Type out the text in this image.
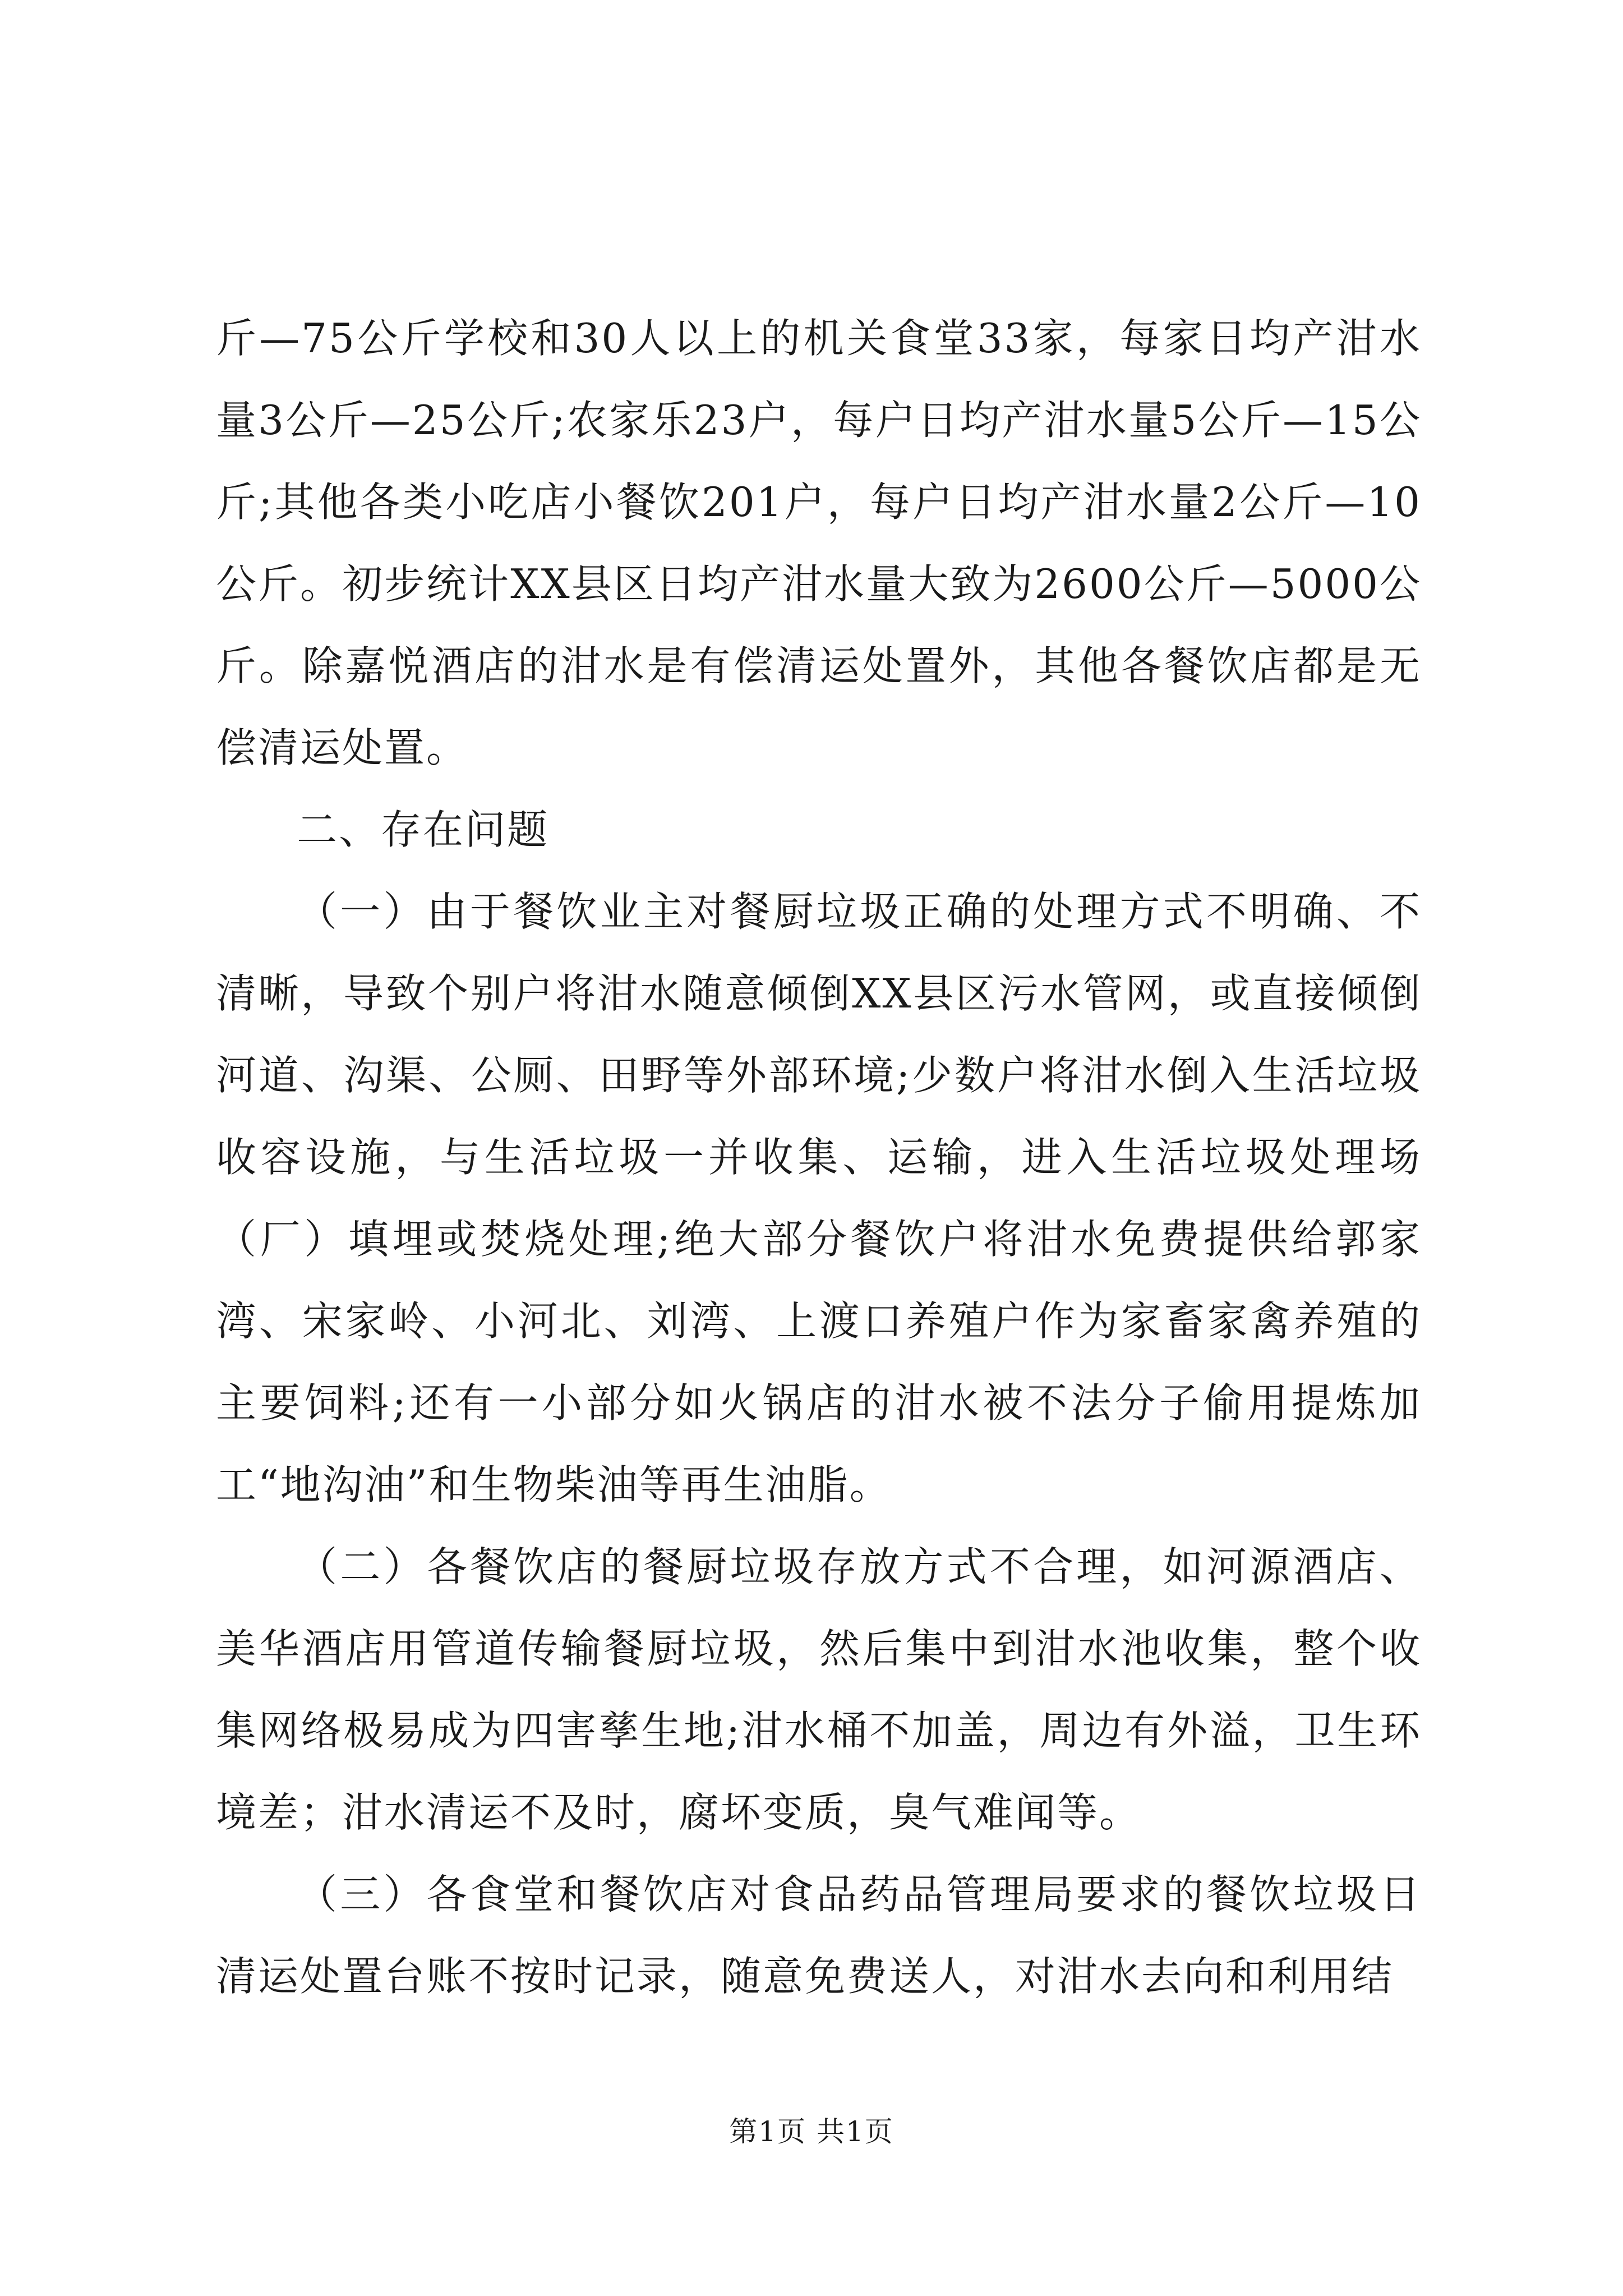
斤—75公斤学校和30人以上的机关食堂33家，每家日均产泔水量3公斤—25公斤;农家乐23户，每户日均产泔水量5公斤—15公斤;其他各类小吃店小餐饮201户，每户日均产泔水量2公斤—10公斤。初步统计XX县区日均产泔水量大致为2600公斤—5000公斤。除嘉悦酒店的泔水是有偿清运处置外，其他各餐饮店都是无偿清运处置。

二、存在问题

（一）由于餐饮业主对餐厨垃圾正确的处理方式不明确、不清晰，导致个别户将泔水随意倾倒XX县区污水管网，或直接倾倒河道、沟渠、公厕、田野等外部环境;少数户将泔水倒入生活垃圾收容设施，与生活垃圾一并收集、运输，进入生活垃圾处理场（厂）填埋或焚烧处理;绝大部分餐饮户将泔水免费提供给郭家湾、宋家岭、小河北、刘湾、上渡口养殖户作为家畜家禽养殖的主要饲料;还有一小部分如火锅店的泔水被不法分子偷用提炼加工“地沟油”和生物柴油等再生油脂。

（二）各餐饮店的餐厨垃圾存放方式不合理，如河源酒店、美华酒店用管道传输餐厨垃圾，然后集中到泔水池收集，整个收集网络极易成为四害孳生地;泔水桶不加盖，周边有外溢，卫生环境差；泔水清运不及时，腐坏变质，臭气难闻等。

（三）各食堂和餐饮店对食品药品管理局要求的餐饮垃圾日清运处置台账不按时记录，随意免费送人，对泔水去向和利用结

第1页 共1页
